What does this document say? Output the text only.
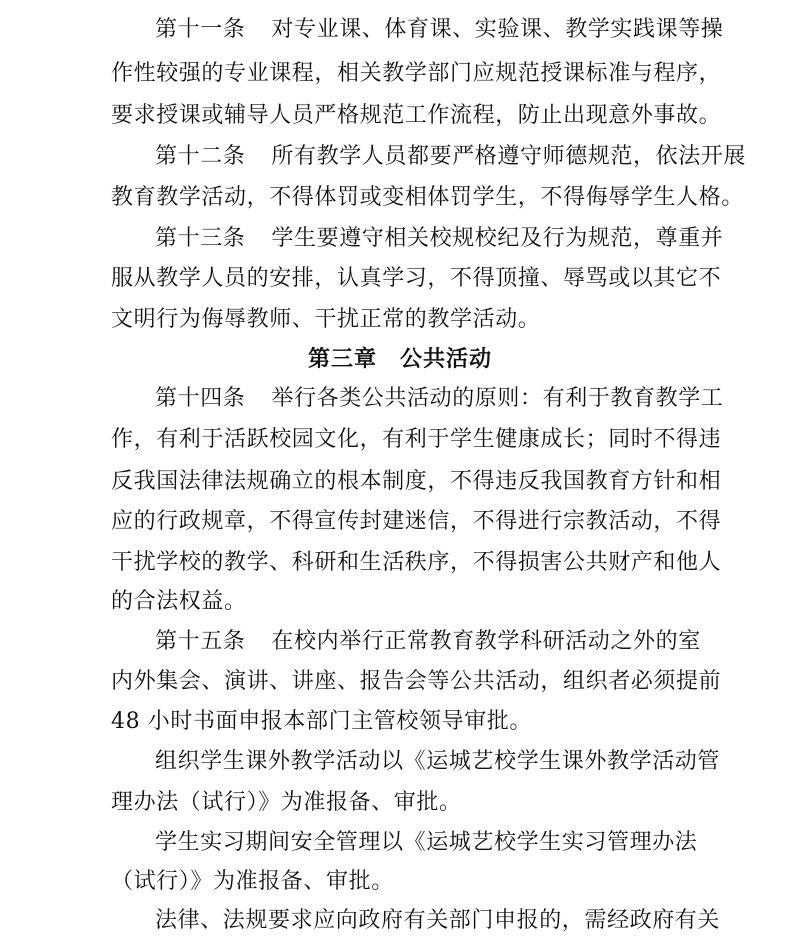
第十一条 对专业课、体育课、实验课、教学实践课等操
作性较强的专业课程，相关教学部门应规范授课标准与程序，
要求授课或辅导人员严格规范工作流程，防止出现意外事故。
第十二条 所有教学人员都要严格遵守师德规范，依法开展
教育教学活动，不得体罚或变相体罚学生，不得侮辱学生人格。
第十三条 学生要遵守相关校规校纪及行为规范，尊重并
服从教学人员的安排，认真学习，不得顶撞、辱骂或以其它不
文明行为侮辱教师、干扰正常的教学活动。
第三章　公共活动
第十四条 举行各类公共活动的原则：有利于教育教学工
作，有利于活跃校园文化，有利于学生健康成长；同时不得违
反我国法律法规确立的根本制度，不得违反我国教育方针和相
应的行政规章，不得宣传封建迷信，不得进行宗教活动，不得
干扰学校的教学、科研和生活秩序，不得损害公共财产和他人
的合法权益。
第十五条 在校内举行正常教育教学科研活动之外的室
内外集会、演讲、讲座、报告会等公共活动，组织者必须提前
48 小时书面申报本部门主管校领导审批。
组织学生课外教学活动以《运城艺校学生课外教学活动管
理办法（试行）》为准报备、审批。
学生实习期间安全管理以《运城艺校学生实习管理办法
（试行）》为准报备、审批。
法律、法规要求应向政府有关部门申报的，需经政府有关
